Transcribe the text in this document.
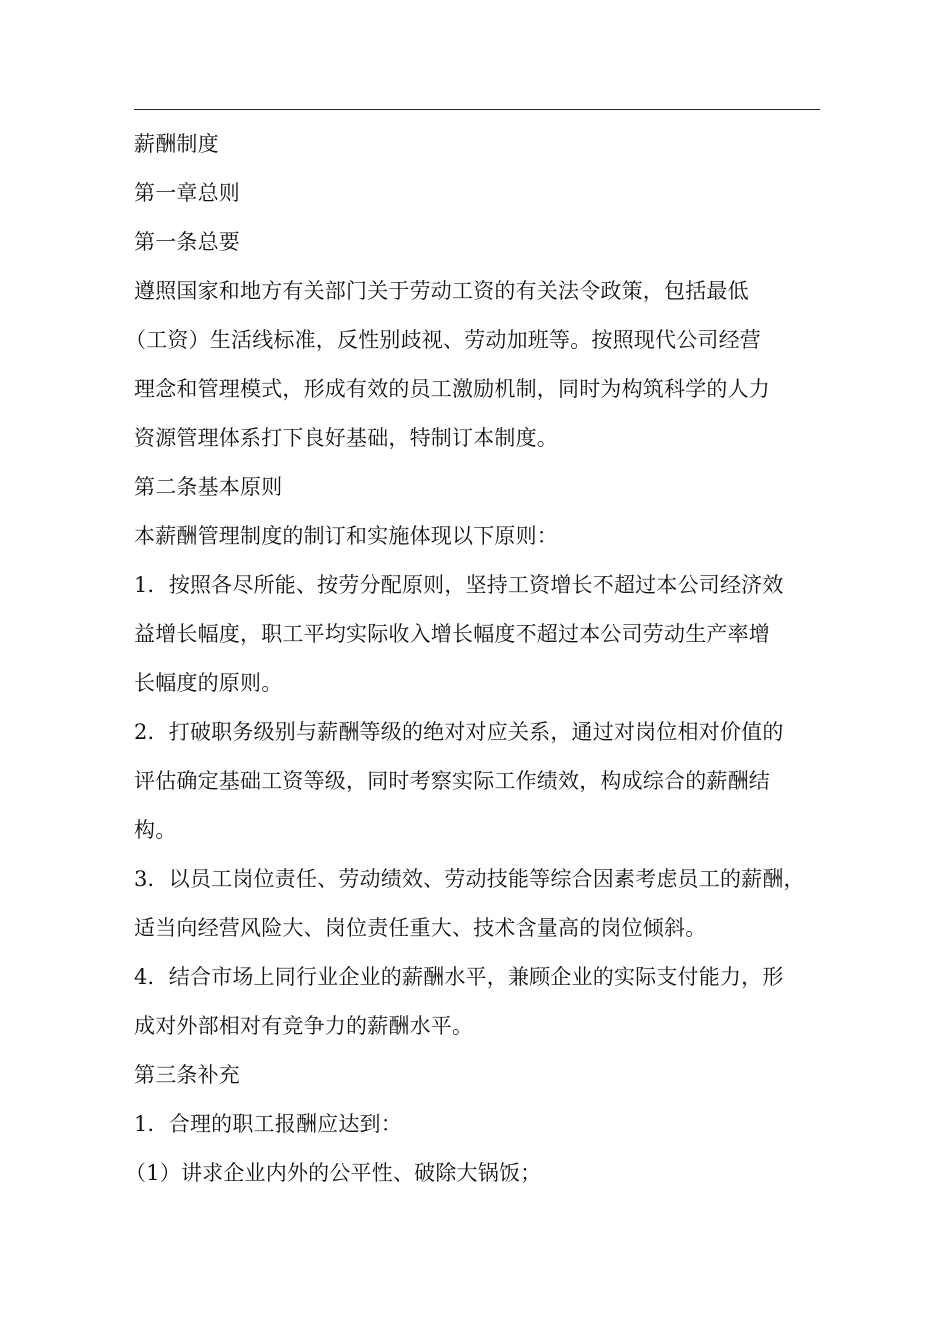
薪酬制度
第一章总则
第一条总要
遵照国家和地方有关部门关于劳动工资的有关法令政策，包括最低
（工资）生活线标准，反性别歧视、劳动加班等。按照现代公司经营
理念和管理模式，形成有效的员工激励机制，同时为构筑科学的人力
资源管理体系打下良好基础，特制订本制度。
第二条基本原则
本薪酬管理制度的制订和实施体现以下原则：
1．按照各尽所能、按劳分配原则，坚持工资增长不超过本公司经济效
益增长幅度，职工平均实际收入增长幅度不超过本公司劳动生产率增
长幅度的原则。
2．打破职务级别与薪酬等级的绝对对应关系，通过对岗位相对价值的
评估确定基础工资等级，同时考察实际工作绩效，构成综合的薪酬结
构。
3．以员工岗位责任、劳动绩效、劳动技能等综合因素考虑员工的薪酬，
适当向经营风险大、岗位责任重大、技术含量高的岗位倾斜。
4．结合市场上同行业企业的薪酬水平，兼顾企业的实际支付能力，形
成对外部相对有竞争力的薪酬水平。
第三条补充
1．合理的职工报酬应达到：
（1）讲求企业内外的公平性、破除大锅饭；
